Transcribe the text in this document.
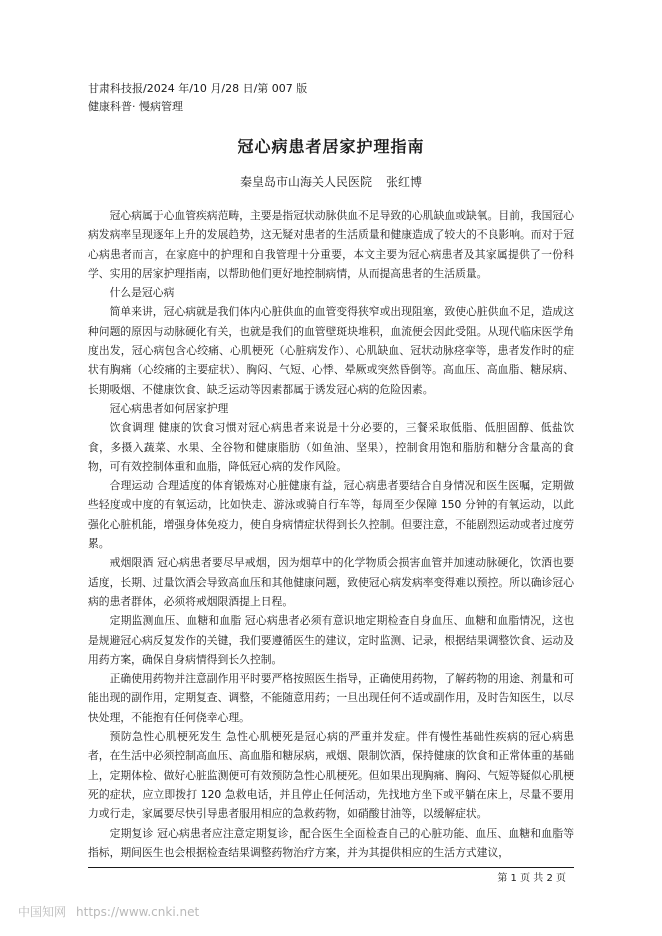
甘肃科技报/2024 年/10 月/28 日/第 007 版
健康科普· 慢病管理
冠心病患者居家护理指南
秦皇岛市山海关人民医院 张红博

冠心病属于心血管疾病范畴，主要是指冠状动脉供血不足导致的心肌缺血或缺氧。目前，我国冠心病发病率呈现逐年上升的发展趋势，这无疑对患者的生活质量和健康造成了较大的不良影响。而对于冠心病患者而言，在家庭中的护理和自我管理十分重要，本文主要为冠心病患者及其家属提供了一份科学、实用的居家护理指南，以帮助他们更好地控制病情，从而提高患者的生活质量。

什么是冠心病

简单来讲，冠心病就是我们体内心脏供血的血管变得狭窄或出现阻塞，致使心脏供血不足，造成这种问题的原因与动脉硬化有关，也就是我们的血管壁斑块堆积，血流便会因此受阻。从现代临床医学角度出发，冠心病包含心绞痛、心肌梗死（心脏病发作）、心肌缺血、冠状动脉痉挛等，患者发作时的症状有胸痛（心绞痛的主要症状）、胸闷、气短、心悸、晕厥或突然昏倒等。高血压、高血脂、糖尿病、长期吸烟、不健康饮食、缺乏运动等因素都属于诱发冠心病的危险因素。

冠心病患者如何居家护理

饮食调理 健康的饮食习惯对冠心病患者来说是十分必要的，三餐采取低脂、低胆固醇、低盐饮食，多摄入蔬菜、水果、全谷物和健康脂肪（如鱼油、坚果），控制食用饱和脂肪和糖分含量高的食物，可有效控制体重和血脂，降低冠心病的发作风险。

合理运动 合理适度的体育锻炼对心脏健康有益，冠心病患者要结合自身情况和医生医嘱，定期做些轻度或中度的有氧运动，比如快走、游泳或骑自行车等，每周至少保障 150 分钟的有氧运动，以此强化心脏机能，增强身体免疫力，使自身病情症状得到长久控制。但要注意，不能剧烈运动或者过度劳累。

戒烟限酒 冠心病患者要尽早戒烟，因为烟草中的化学物质会损害血管并加速动脉硬化，饮酒也要适度，长期、过量饮酒会导致高血压和其他健康问题，致使冠心病发病率变得难以预控。所以确诊冠心病的患者群体，必须将戒烟限酒提上日程。

定期监测血压、血糖和血脂 冠心病患者必须有意识地定期检查自身血压、血糖和血脂情况，这也是规避冠心病反复发作的关键，我们要遵循医生的建议，定时监测、记录，根据结果调整饮食、运动及用药方案，确保自身病情得到长久控制。

正确使用药物并注意副作用平时要严格按照医生指导，正确使用药物，了解药物的用途、剂量和可能出现的副作用，定期复查、调整，不能随意用药；一旦出现任何不适或副作用，及时告知医生，以尽快处理，不能抱有任何侥幸心理。

预防急性心肌梗死发生 急性心肌梗死是冠心病的严重并发症。伴有慢性基础性疾病的冠心病患者，在生活中必须控制高血压、高血脂和糖尿病，戒烟、限制饮酒，保持健康的饮食和正常体重的基础上，定期体检、做好心脏监测便可有效预防急性心肌梗死。但如果出现胸痛、胸闷、气短等疑似心肌梗死的症状，应立即拨打 120 急救电话，并且停止任何活动，先找地方坐下或平躺在床上，尽量不要用力或行走，家属要尽快引导患者服用相应的急救药物，如硝酸甘油等，以缓解症状。

定期复诊 冠心病患者应注意定期复诊，配合医生全面检查自己的心脏功能、血压、血糖和血脂等指标，期间医生也会根据检查结果调整药物治疗方案，并为其提供相应的生活方式建议，

第 1 页 共 2 页
中国知网 https://www.cnki.net
